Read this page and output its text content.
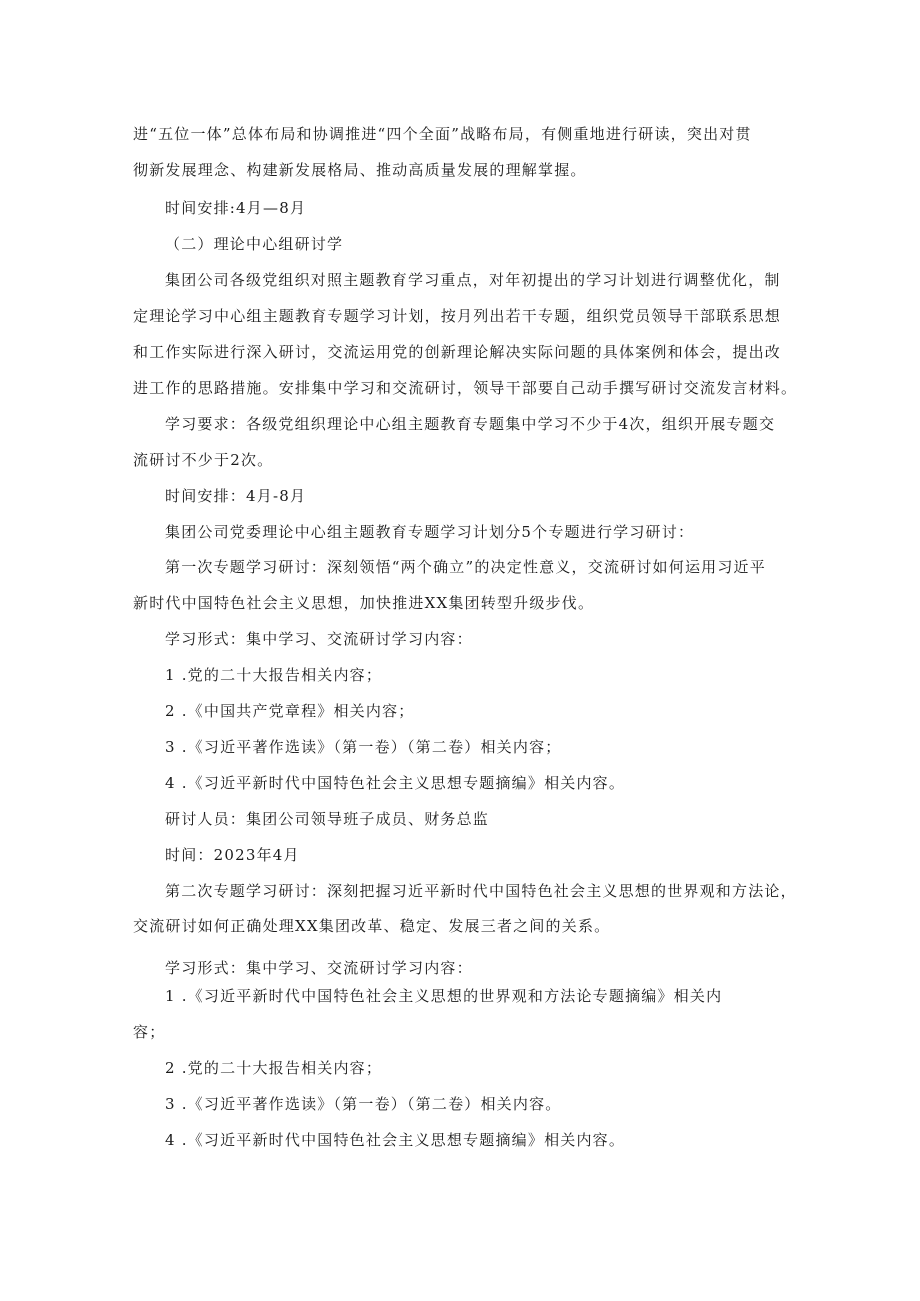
进“五位一体”总体布局和协调推进“四个全面”战略布局，有侧重地进行研读，突出对贯

彻新发展理念、构建新发展格局、推动高质量发展的理解掌握。

时间安排:4月—8月

（二）理论中心组研讨学

集团公司各级党组织对照主题教育学习重点，对年初提出的学习计划进行调整优化，制

定理论学习中心组主题教育专题学习计划，按月列出若干专题，组织党员领导干部联系思想

和工作实际进行深入研讨，交流运用党的创新理论解决实际问题的具体案例和体会，提出改

进工作的思路措施。安排集中学习和交流研讨，领导干部要自己动手撰写研讨交流发言材料。

学习要求：各级党组织理论中心组主题教育专题集中学习不少于4次，组织开展专题交

流研讨不少于2次。

时间安排：4月-8月

集团公司党委理论中心组主题教育专题学习计划分5个专题进行学习研讨：

第一次专题学习研讨：深刻领悟“两个确立”的决定性意义，交流研讨如何运用习近平

新时代中国特色社会主义思想，加快推进XX集团转型升级步伐。

学习形式：集中学习、交流研讨学习内容：

1 .党的二十大报告相关内容；

2 .《中国共产党章程》相关内容；

3 .《习近平著作选读》（第一卷）（第二卷）相关内容；

4 .《习近平新时代中国特色社会主义思想专题摘编》相关内容。

研讨人员：集团公司领导班子成员、财务总监

时间：2023年4月

第二次专题学习研讨：深刻把握习近平新时代中国特色社会主义思想的世界观和方法论，

交流研讨如何正确处理XX集团改革、稳定、发展三者之间的关系。

学习形式：集中学习、交流研讨学习内容：

1 .《习近平新时代中国特色社会主义思想的世界观和方法论专题摘编》相关内

容；

2 .党的二十大报告相关内容；

3 .《习近平著作选读》（第一卷）（第二卷）相关内容。

4 .《习近平新时代中国特色社会主义思想专题摘编》相关内容。
